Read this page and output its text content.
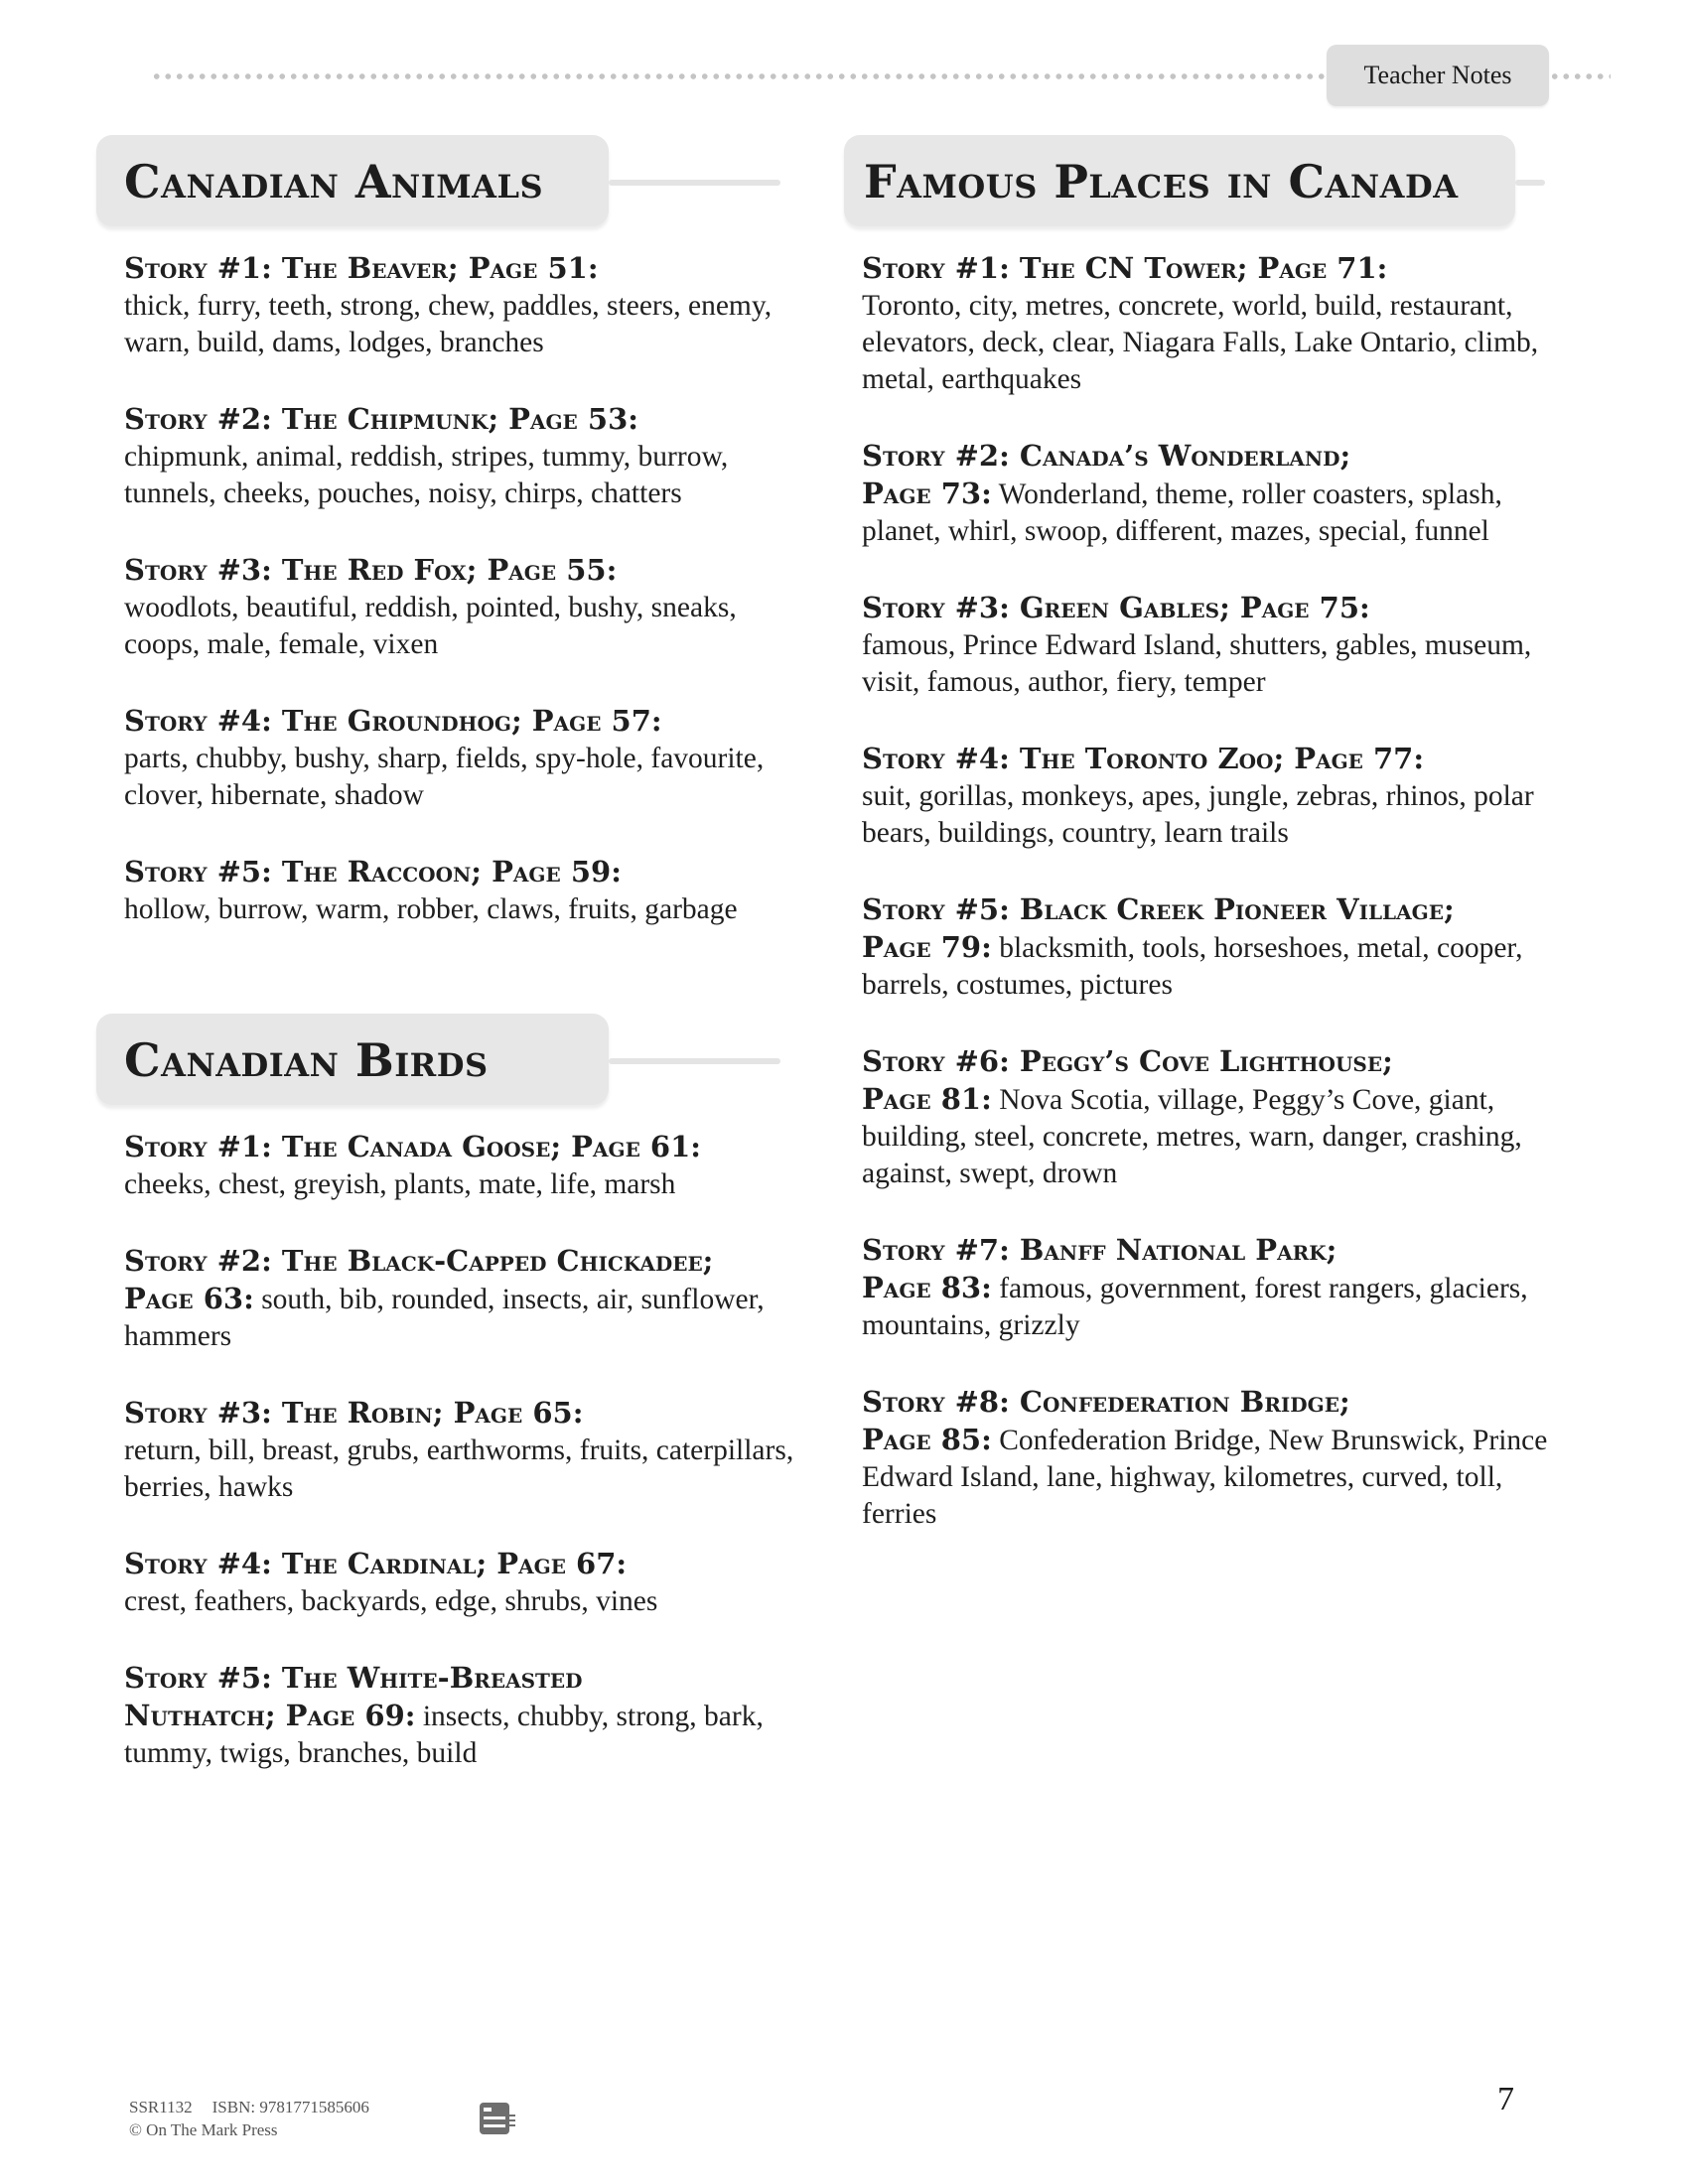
Teacher Notes
Canadian Animals

Story #1: The Beaver; Page 51:
thick, furry, teeth, strong, chew, paddles, steers, enemy, warn, build, dams, lodges, branches

Story #2: The Chipmunk; Page 53:
chipmunk, animal, reddish, stripes, tummy, burrow, tunnels, cheeks, pouches, noisy, chirps, chatters

Story #3: The Red Fox; Page 55:
woodlots, beautiful, reddish, pointed, bushy, sneaks, coops, male, female, vixen

Story #4: The Groundhog; Page 57:
parts, chubby, bushy, sharp, fields, spy-hole, favourite, clover, hibernate, shadow

Story #5: The Raccoon; Page 59:
hollow, burrow, warm, robber, claws, fruits, garbage

Canadian Birds

Story #1: The Canada Goose; Page 61:
cheeks, chest, greyish, plants, mate, life, marsh

Story #2: The Black-Capped Chickadee;
Page 63: south, bib, rounded, insects, air, sunflower, hammers

Story #3: The Robin; Page 65:
return, bill, breast, grubs, earthworms, fruits, caterpillars, berries, hawks

Story #4: The Cardinal; Page 67:
crest, feathers, backyards, edge, shrubs, vines

Story #5: The White-Breasted
Nuthatch; Page 69: insects, chubby, strong, bark, tummy, twigs, branches, build

Famous Places in Canada

Story #1: The CN Tower; Page 71:
Toronto, city, metres, concrete, world, build, restaurant, elevators, deck, clear, Niagara Falls, Lake Ontario, climb, metal, earthquakes

Story #2: Canada’s Wonderland;
Page 73: Wonderland, theme, roller coasters, splash, planet, whirl, swoop, different, mazes, special, funnel

Story #3: Green Gables; Page 75:
famous, Prince Edward Island, shutters, gables, museum, visit, famous, author, fiery, temper

Story #4: The Toronto Zoo; Page 77:
suit, gorillas, monkeys, apes, jungle, zebras, rhinos, polar bears, buildings, country, learn trails

Story #5: Black Creek Pioneer Village;
Page 79: blacksmith, tools, horseshoes, metal, cooper, barrels, costumes, pictures

Story #6: Peggy’s Cove Lighthouse;
Page 81: Nova Scotia, village, Peggy’s Cove, giant, building, steel, concrete, metres, warn, danger, crashing, against, swept, drown

Story #7: Banff National Park;
Page 83: famous, government, forest rangers, glaciers, mountains, grizzly

Story #8: Confederation Bridge;
Page 85: Confederation Bridge, New Brunswick, Prince Edward Island, lane, highway, kilometres, curved, toll, ferries

SSR1132 ISBN: 9781771585606
© On The Mark Press
7
